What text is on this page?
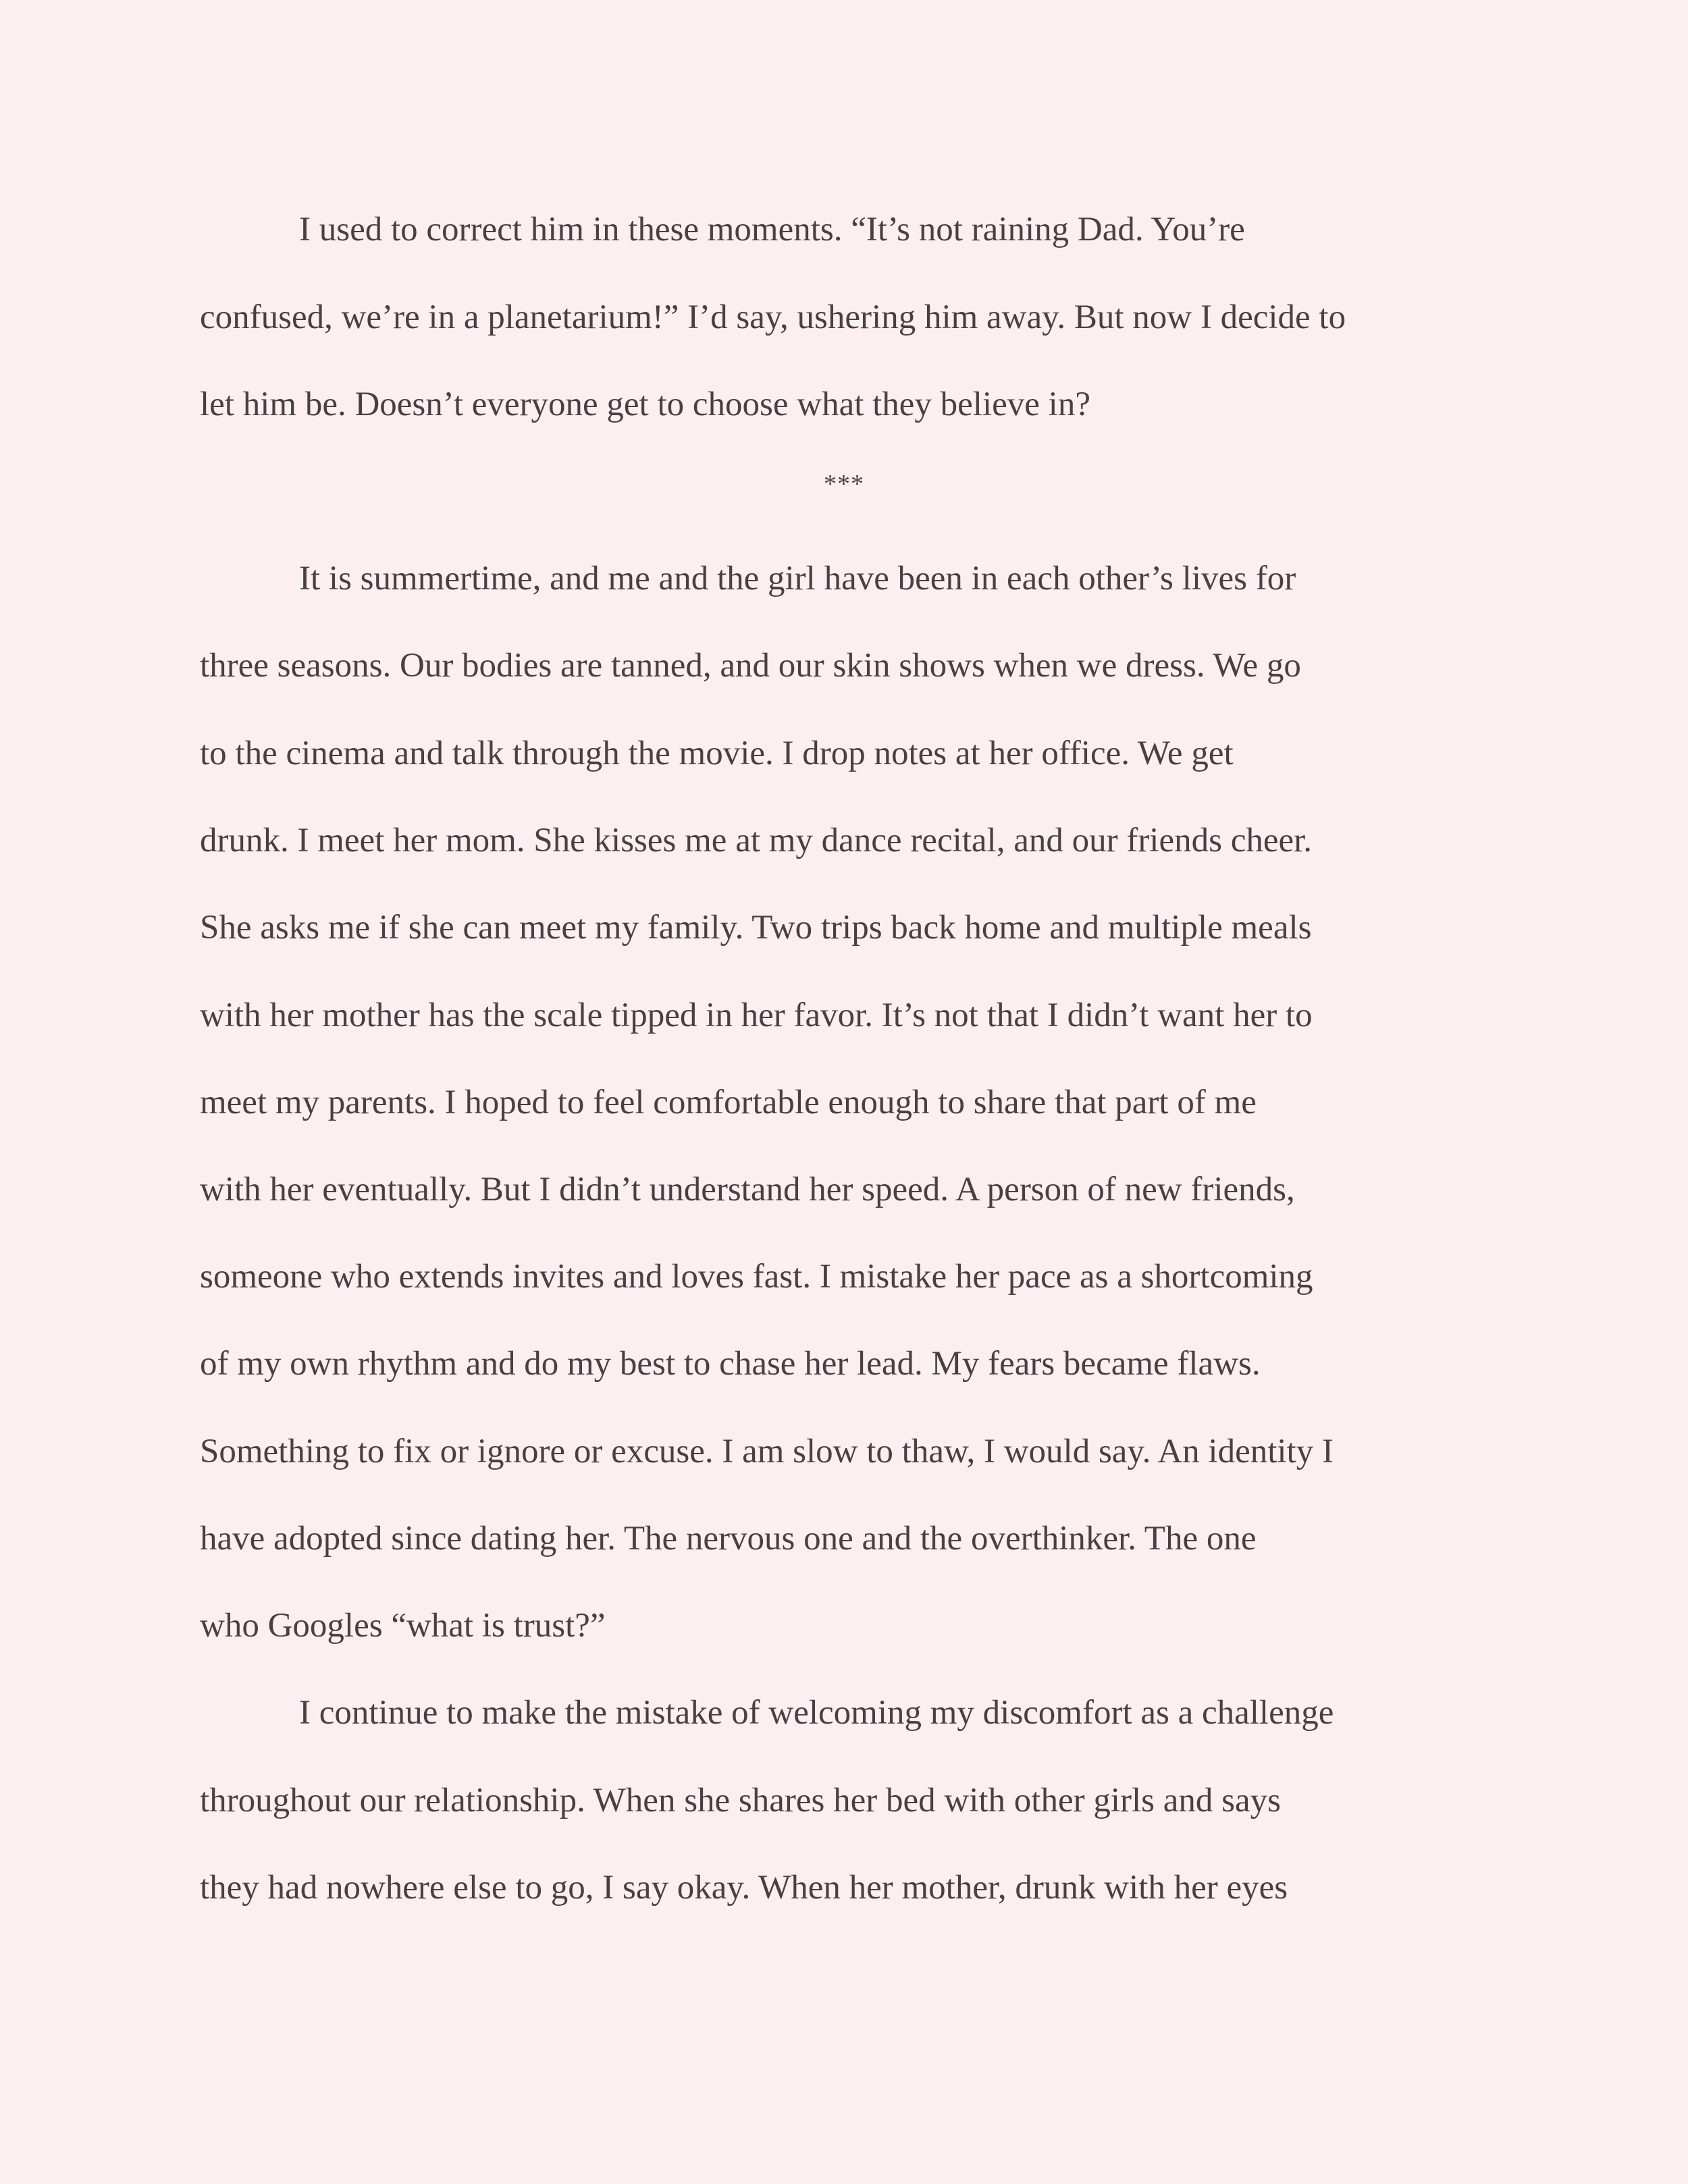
I used to correct him in these moments. “It’s not raining Dad. You’re
confused, we’re in a planetarium!” I’d say, ushering him away. But now I decide to
let him be. Doesn’t everyone get to choose what they believe in?
***
It is summertime, and me and the girl have been in each other’s lives for
three seasons. Our bodies are tanned, and our skin shows when we dress. We go
to the cinema and talk through the movie. I drop notes at her office. We get
drunk. I meet her mom. She kisses me at my dance recital, and our friends cheer.
She asks me if she can meet my family. Two trips back home and multiple meals
with her mother has the scale tipped in her favor. It’s not that I didn’t want her to
meet my parents. I hoped to feel comfortable enough to share that part of me
with her eventually. But I didn’t understand her speed. A person of new friends,
someone who extends invites and loves fast. I mistake her pace as a shortcoming
of my own rhythm and do my best to chase her lead. My fears became flaws.
Something to fix or ignore or excuse. I am slow to thaw, I would say. An identity I
have adopted since dating her. The nervous one and the overthinker. The one
who Googles “what is trust?”
I continue to make the mistake of welcoming my discomfort as a challenge
throughout our relationship. When she shares her bed with other girls and says
they had nowhere else to go, I say okay. When her mother, drunk with her eyes
